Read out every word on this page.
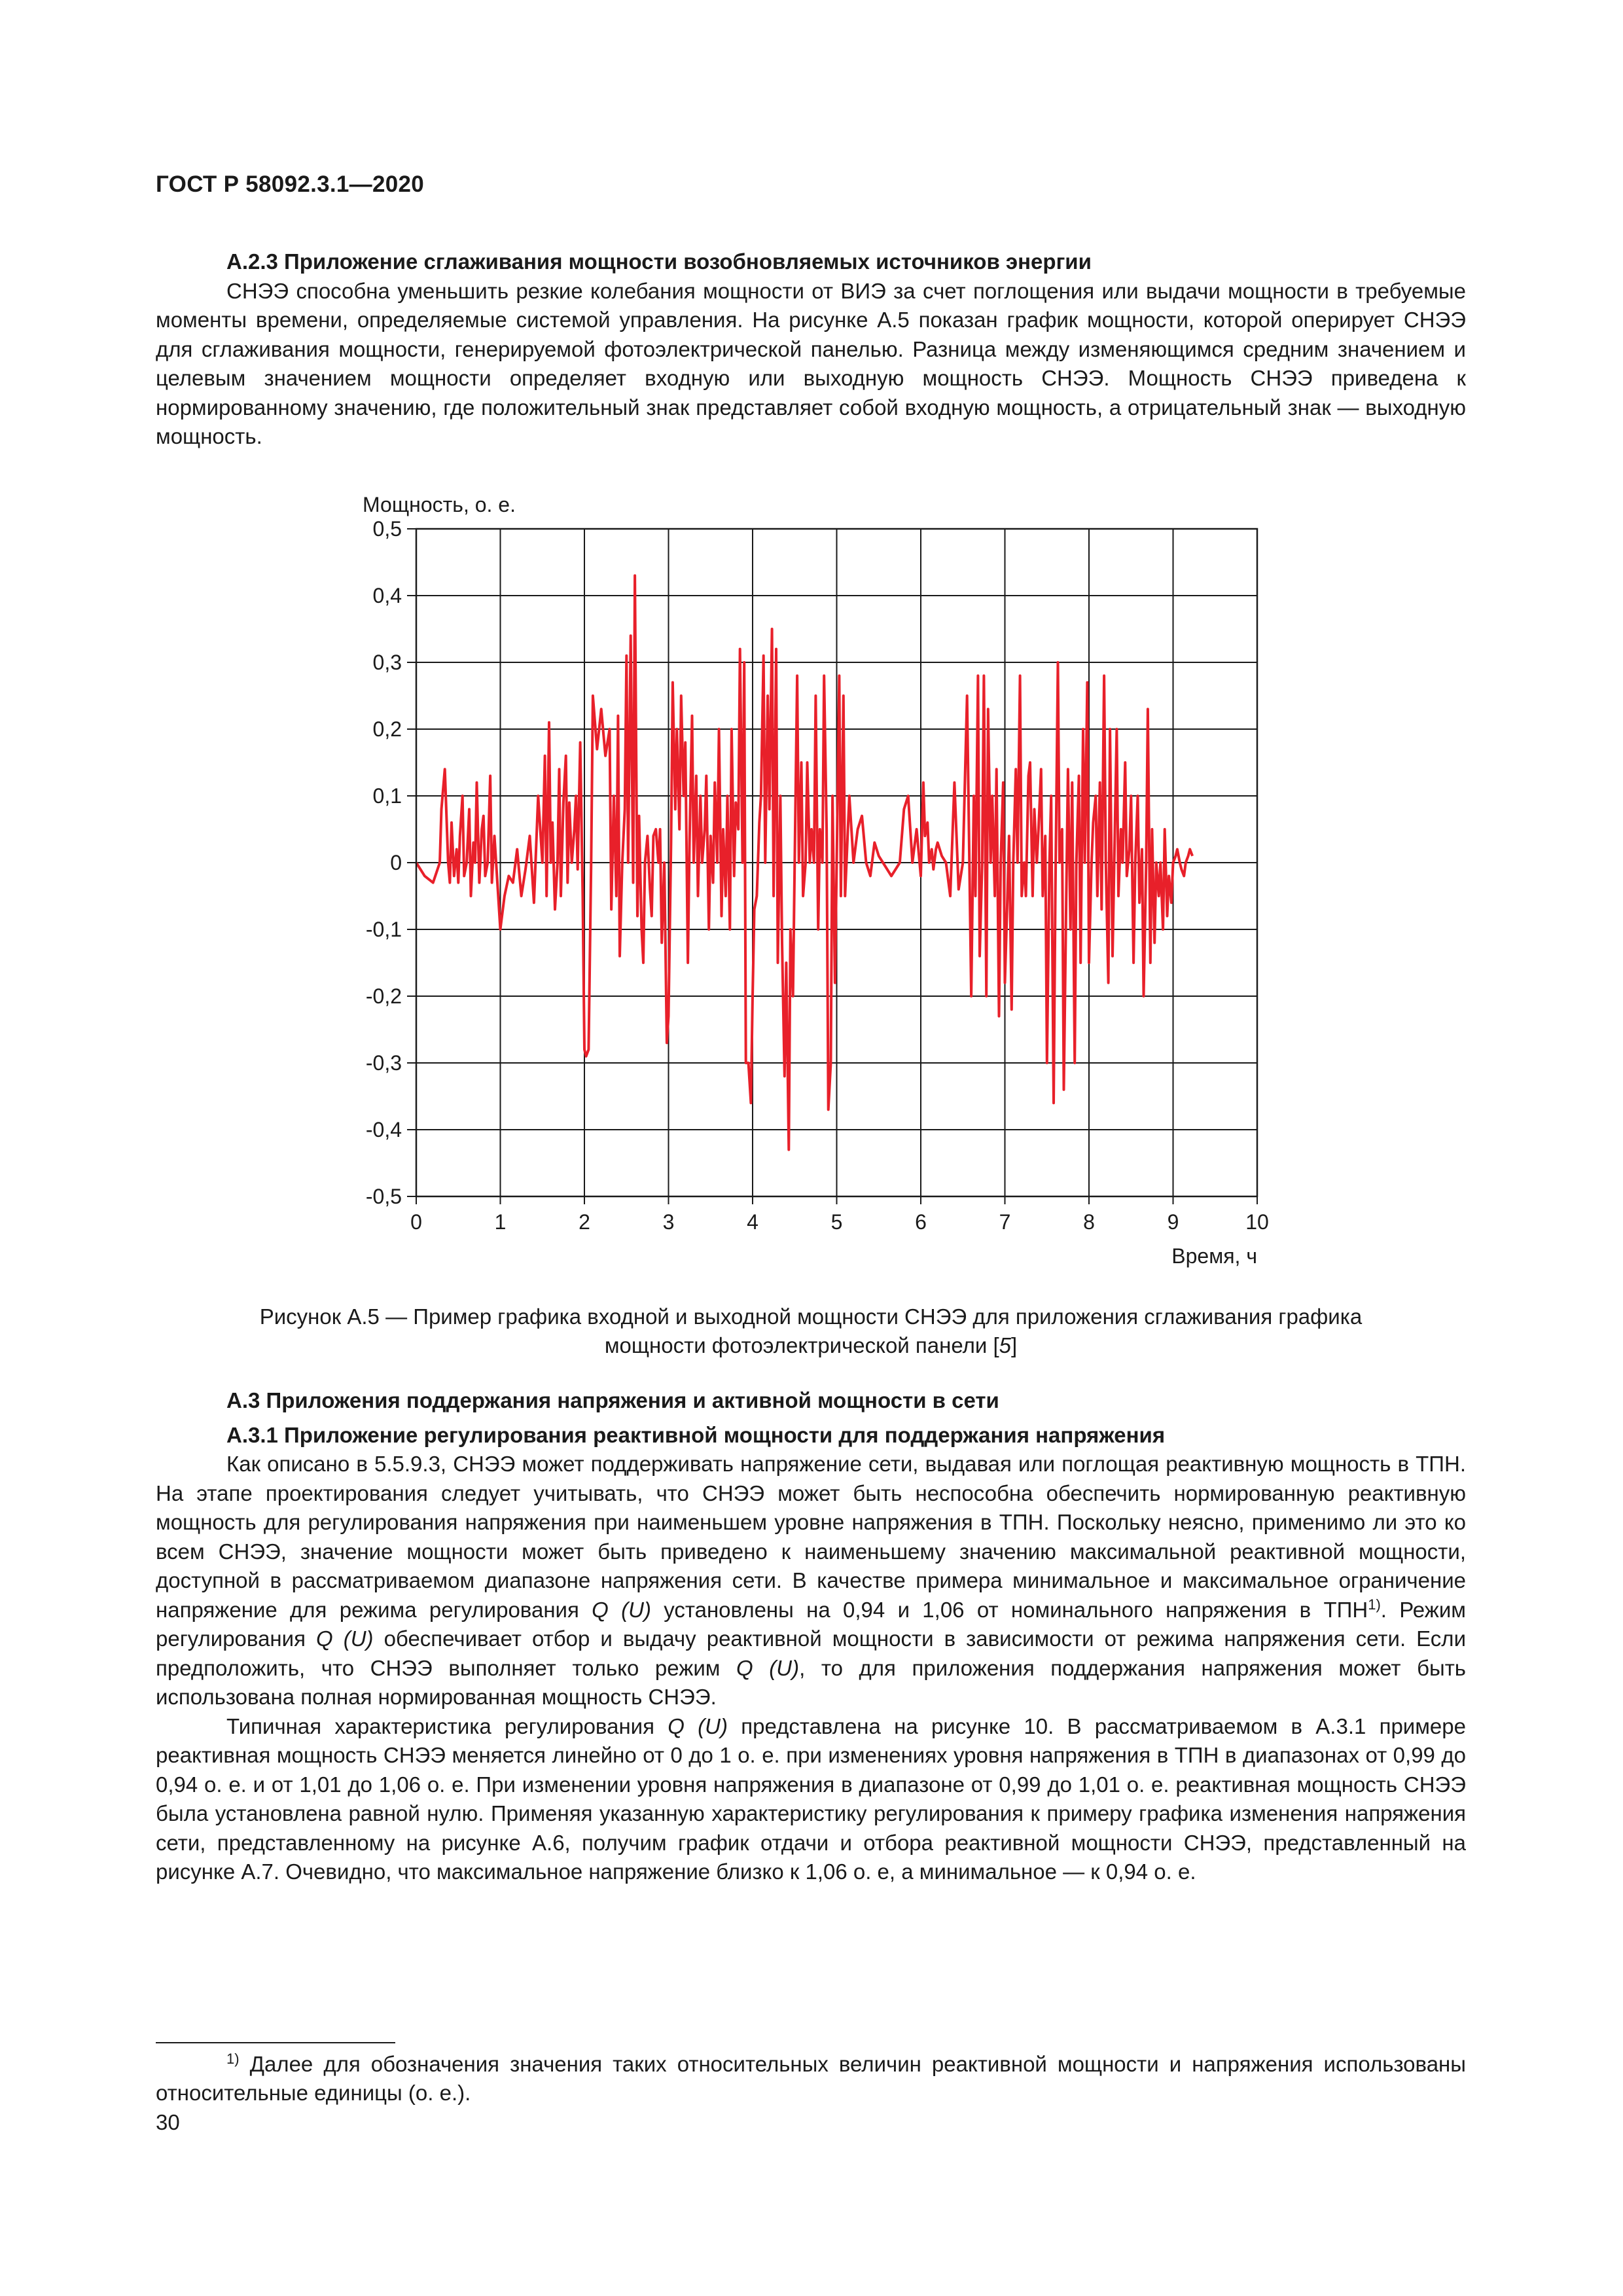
ГОСТ Р 58092.3.1—2020

А.2.3 Приложение сглаживания мощности возобновляемых источников энергии

СНЭЭ способна уменьшить резкие колебания мощности от ВИЭ за счет поглощения или выдачи мощности в требуемые моменты времени, определяемые системой управления. На рисунке А.5 показан график мощности, которой оперирует СНЭЭ для сглаживания мощности, генерируемой фотоэлектрической панелью. Разница между изменяющимся средним значением и целевым значением мощности определяет входную или выходную мощность СНЭЭ. Мощность СНЭЭ приведена к нормированному значению, где положительный знак представляет собой входную мощность, а отрицательный знак — выходную мощность.

0,5
0,4
0,3
0,2
0,1
0
-0,1
-0,2
-0,3
-0,4
-0,5
0	1	2	3	4	5	6	7	8	9	10
Мощность, о. е.
Время, ч
Рисунок А.5 — Пример графика входной и выходной мощности СНЭЭ для приложения сглаживания графика
мощности фотоэлектрической панели [5]

А.3 Приложения поддержания напряжения и активной мощности в сети

А.3.1 Приложение регулирования реактивной мощности для поддержания напряжения

Как описано в 5.5.9.3, СНЭЭ может поддерживать напряжение сети, выдавая или поглощая реактивную мощность в ТПН. На этапе проектирования следует учитывать, что СНЭЭ может быть неспособна обеспечить нормированную реактивную мощность для регулирования напряжения при наименьшем уровне напряжения в ТПН. Поскольку неясно, применимо ли это ко всем СНЭЭ, значение мощности может быть приведено к наименьшему значению максимальной реактивной мощности, доступной в рассматриваемом диапазоне напряжения сети. В качестве примера минимальное и максимальное ограничение напряжение для режима регулирования Q (U) установлены на 0,94 и 1,06 от номинального напряжения в ТПН$^{1)}$. Режим регулирования Q (U) обеспечивает отбор и выдачу реактивной мощности в зависимости от режима напряжения сети. Если предположить, что СНЭЭ выполняет только режим Q (U), то для приложения поддержания напряжения может быть использована полная нормированная мощность СНЭЭ.

Типичная характеристика регулирования Q (U) представлена на рисунке 10. В рассматриваемом в А.3.1 примере реактивная мощность СНЭЭ меняется линейно от 0 до 1 о. е. при изменениях уровня напряжения в ТПН в диапазонах от 0,99 до 0,94 о. е. и от 1,01 до 1,06 о. е. При изменении уровня напряжения в диапазоне от 0,99 до 1,01 о. е. реактивная мощность СНЭЭ была установлена равной нулю. Применяя указанную характеристику регулирования к примеру графика изменения напряжения сети, представленному на рисунке А.6, получим график отдачи и отбора реактивной мощности СНЭЭ, представленный на рисунке А.7. Очевидно, что максимальное напряжение близко к 1,06 о. е, а минимальное — к 0,94 о. е.

$^{1)}$ Далее для обозначения значения таких относительных величин реактивной мощности и напряжения использованы относительные единицы (о. е.).

30
